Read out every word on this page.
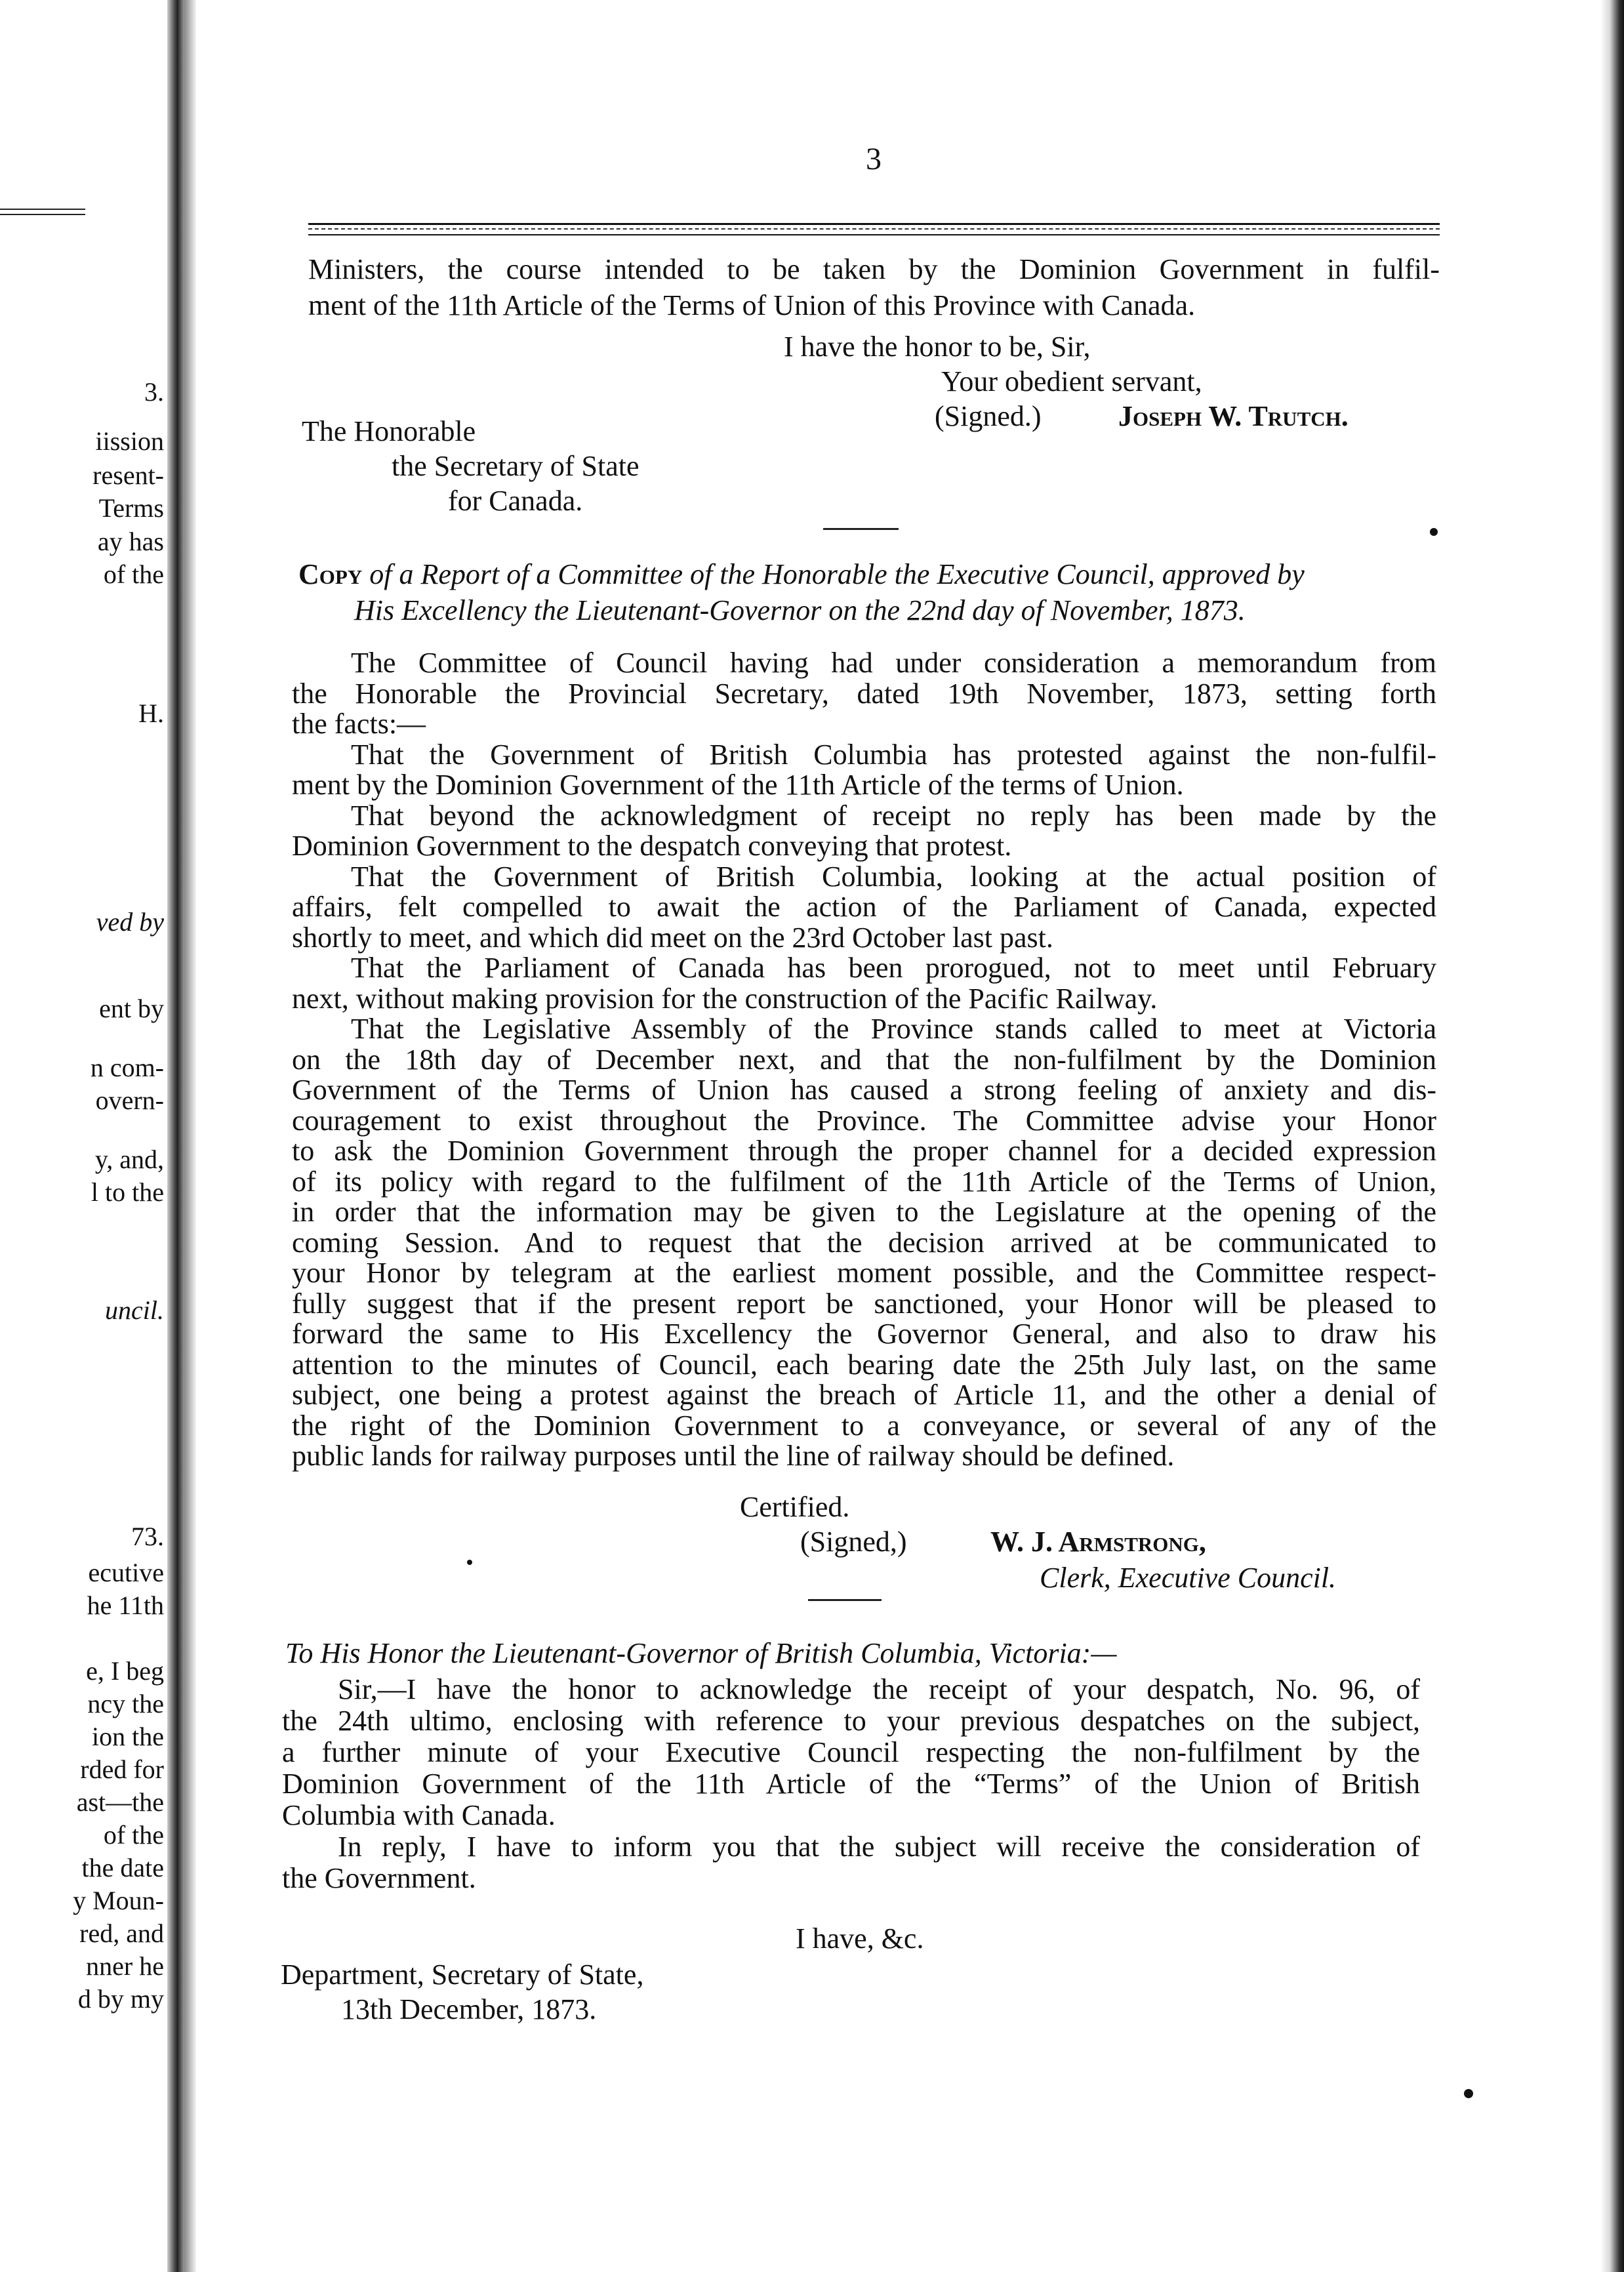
3.
iission
resent-
Terms
ay has
of the
H.
ved by
ent by
n com-
overn-
y, and,
l to the
uncil.
73.
ecutive
he 11th
e, I beg
ncy the
ion the
rded for
ast—the
of the
the date
y Moun-
red, and
nner he
d by my
3
Ministers, the course intended to be taken by the Dominion Government in fulfil-
ment of the 11th Article of the Terms of Union of this Province with Canada.
I have the honor to be, Sir,
Your obedient servant,
(Signed.)	Joseph W. Trutch.
The Honorable
the Secretary of State
for Canada.
Copy of a Report of a Committee of the Honorable the Executive Council, approved by
His Excellency the Lieutenant-Governor on the 22nd day of November, 1873.
The Committee of Council having had under consideration a memorandum from
the Honorable the Provincial Secretary, dated 19th November, 1873, setting forth
the facts:—
That the Government of British Columbia has protested against the non-fulfil-
ment by the Dominion Government of the 11th Article of the terms of Union.
That beyond the acknowledgment of receipt no reply has been made by the
Dominion Government to the despatch conveying that protest.
That the Government of British Columbia, looking at the actual position of
affairs, felt compelled to await the action of the Parliament of Canada, expected
shortly to meet, and which did meet on the 23rd October last past.
That the Parliament of Canada has been prorogued, not to meet until February
next, without making provision for the construction of the Pacific Railway.
That the Legislative Assembly of the Province stands called to meet at Victoria
on the 18th day of December next, and that the non-fulfilment by the Dominion
Government of the Terms of Union has caused a strong feeling of anxiety and dis-
couragement to exist throughout the Province. The Committee advise your Honor
to ask the Dominion Government through the proper channel for a decided expression
of its policy with regard to the fulfilment of the 11th Article of the Terms of Union,
in order that the information may be given to the Legislature at the opening of the
coming Session. And to request that the decision arrived at be communicated to
your Honor by telegram at the earliest moment possible, and the Committee respect-
fully suggest that if the present report be sanctioned, your Honor will be pleased to
forward the same to His Excellency the Governor General, and also to draw his
attention to the minutes of Council, each bearing date the 25th July last, on the same
subject, one being a protest against the breach of Article 11, and the other a denial of
the right of the Dominion Government to a conveyance, or several of any of the
public lands for railway purposes until the line of railway should be defined.
Certified.
(Signed,)	W. J. Armstrong,
Clerk, Executive Council.
To His Honor the Lieutenant-Governor of British Columbia, Victoria:—
Sir,—I have the honor to acknowledge the receipt of your despatch, No. 96, of
the 24th ultimo, enclosing with reference to your previous despatches on the subject,
a further minute of your Executive Council respecting the non-fulfilment by the
Dominion Government of the 11th Article of the “Terms” of the Union of British
Columbia with Canada.
In reply, I have to inform you that the subject will receive the consideration of
the Government.
I have, &c.
Department, Secretary of State,
13th December, 1873.
